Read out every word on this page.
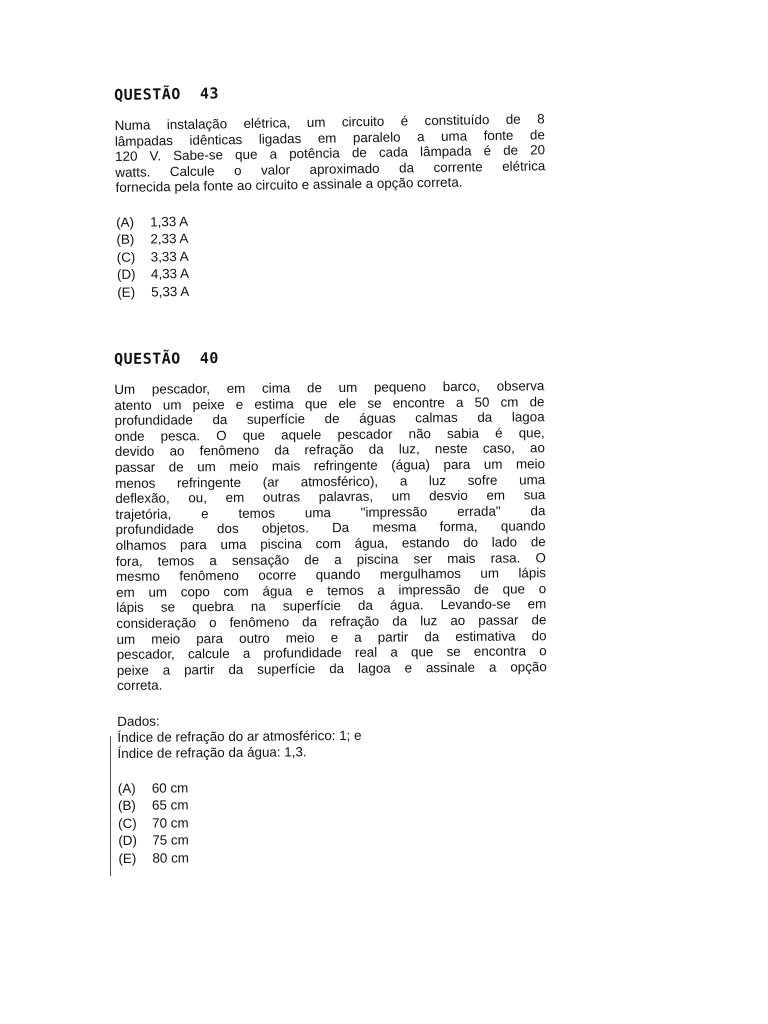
QUESTÃO  43

Numa instalação elétrica, um circuito é constituído de 8
lâmpadas idênticas ligadas em paralelo a uma fonte de
120 V. Sabe-se que a potência de cada lâmpada é de 20
watts. Calcule o valor aproximado da corrente elétrica
fornecida pela fonte ao circuito e assinale a opção correta.

(A)	1,33 A
(B)	2,33 A
(C)	3,33 A
(D)	4,33 A
(E)	5,33 A
QUESTÃO  40

Um pescador, em cima de um pequeno barco, observa
atento um peixe e estima que ele se encontre a 50 cm de
profundidade da superfície de águas calmas da lagoa
onde pesca. O que aquele pescador não sabia é que,
devido ao fenômeno da refração da luz, neste caso, ao
passar de um meio mais refringente (água) para um meio
menos refringente (ar atmosférico), a luz sofre uma
deflexão, ou, em outras palavras, um desvio em sua
trajetória, e temos uma "impressão errada" da
profundidade dos objetos. Da mesma forma, quando
olhamos para uma piscina com água, estando do lado de
fora, temos a sensação de a piscina ser mais rasa. O
mesmo fenômeno ocorre quando mergulhamos um lápis
em um copo com água e temos a impressão de que o
lápis se quebra na superfície da água. Levando-se em
consideração o fenômeno da refração da luz ao passar de
um meio para outro meio e a partir da estimativa do
pescador, calcule a profundidade real a que se encontra o
peixe a partir da superfície da lagoa e assinale a opção
correta.

Dados:
Índice de refração do ar atmosférico: 1; e
Índice de refração da água: 1,3.
(A)	60 cm
(B)	65 cm
(C)	70 cm
(D)	75 cm
(E)	80 cm
